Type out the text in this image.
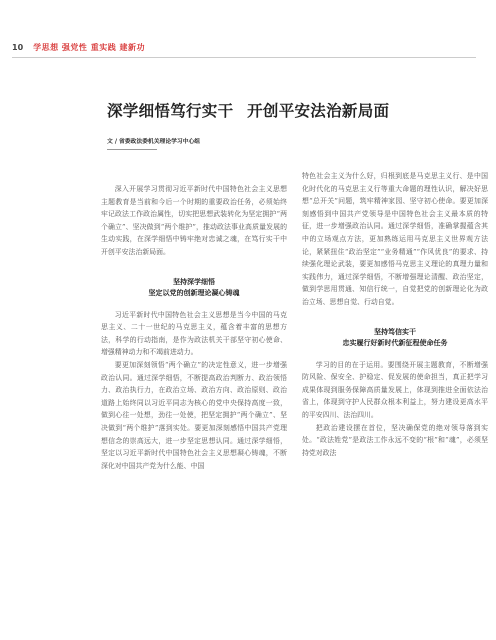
10 学思想 强党性 重实践 建新功
深学细悟笃行实干 开创平安法治新局面
文 / 省委政法委机关理论学习中心组

深入开展学习贯彻习近平新时代中国特色社会主义思想主题教育是当前和今后一个时期的重要政治任务，必须始终牢记政法工作政治属性，切实把思想武装转化为坚定拥护“两个确立”、坚决做到“两个维护”，推动政法事业高质量发展的生动实践，在深学细悟中铸牢绝对忠诚之魂，在笃行实干中开创平安法治新局面。

坚持深学细悟
坚定以党的创新理论凝心铸魂

习近平新时代中国特色社会主义思想是当今中国的马克思主义、二十一世纪的马克思主义，蕴含着丰富的思想方法，科学的行动指南，是作为政法机关干部坚守初心使命、增强精神动力和不竭前进动力。

要更加深刻领悟“两个确立”的决定性意义，进一步增强政治认同。通过深学细悟，不断提高政治判断力、政治领悟力、政治执行力，在政治立场、政治方向、政治原则、政治道路上始终同以习近平同志为核心的党中央保持高度一致，做到心往一处想，劲往一处使，把坚定拥护“两个确立”、坚决做到“两个维护”落到实处。要更加深刻感悟中国共产党理想信念的崇高远大，进一步坚定思想认同。通过深学细悟，坚定以习近平新时代中国特色社会主义思想凝心铸魂，不断深化对中国共产党为什么能、中国

特色社会主义为什么好，归根到底是马克思主义行、是中国化时代化的马克思主义行等重大命题的理性认识，解决好思想“总开关”问题，筑牢精神家园、坚守初心使命。要更加深刻感悟到中国共产党领导是中国特色社会主义最本质的特征，进一步增强政治认同。通过深学细悟，准确掌握蕴含其中的立场观点方法，更加熟练运用马克思主义世界观方法论，紧紧扭住“政治坚定”“业务精通”“作风优良”的要求、持续强化理论武装，要更加感悟马克思主义理论的真理力量和实践伟力，通过深学细悟，不断增强理论清醒、政治坚定，做到学思用贯通、知信行统一，自觉把党的创新理论化为政治立场、思想自觉、行动自觉。

坚持笃信实干
忠实履行好新时代新征程使命任务

学习的目的在于运用。要围绕开展主题教育，不断增强防风险、保安全、护稳定、促发展的使命担当，真正把学习成果体现到服务保障高质量发展上，体现到推进全面依法治省上，体现到守护人民群众根本利益上，努力建设更高水平的平安四川、法治四川。

把政治建设摆在首位，坚决确保党的绝对领导落到实处。“政法姓党”是政法工作永远不变的“根”和“魂”，必须坚持党对政法
